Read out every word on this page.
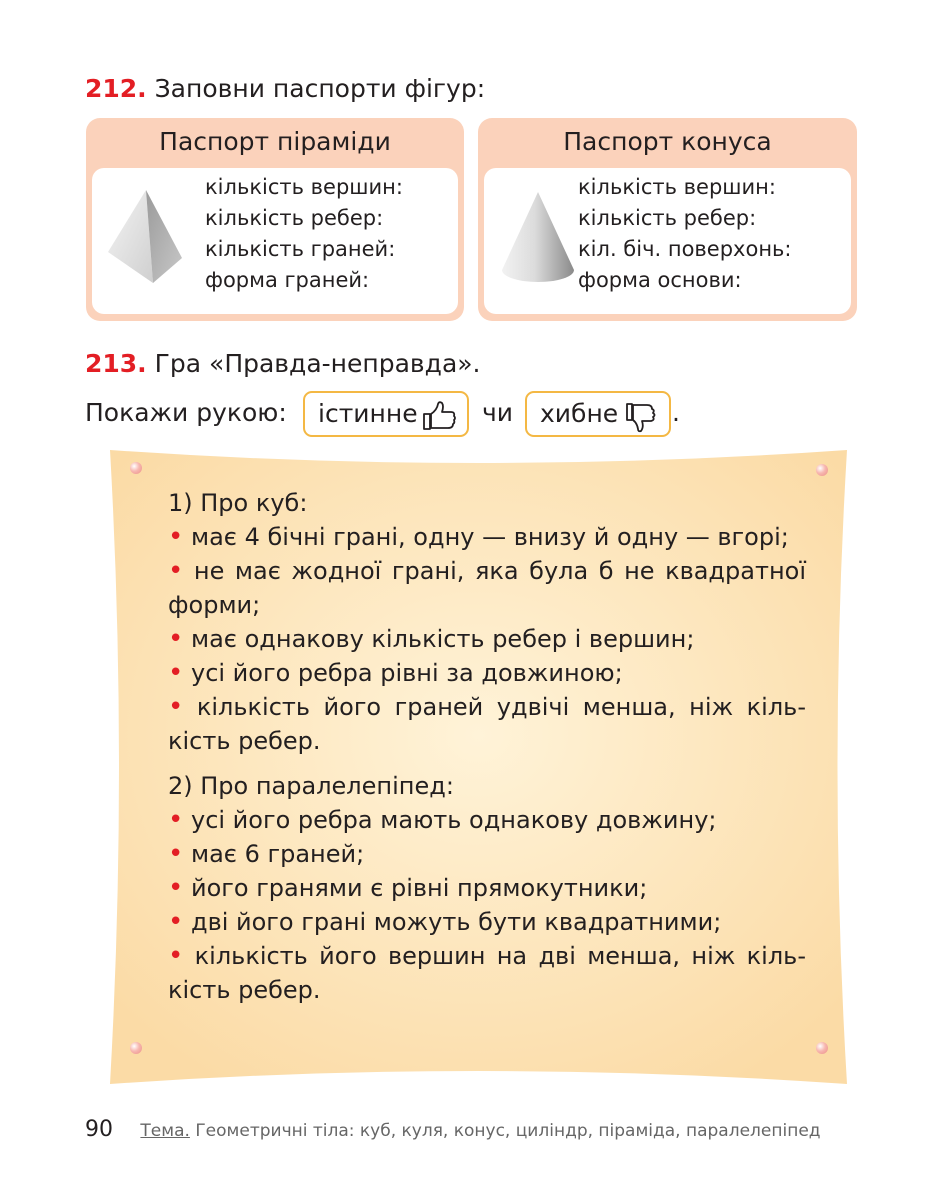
212. Заповни паспорти фігур:
Паспорт піраміди
кількість вершин:
кількість ребер:
кількість граней:
форма граней:
Паспорт конуса
кількість вершин:
кількість ребер:
кіл. біч. поверхонь:
форма основи:
213. Гра «Правда-неправда».
Покажи рукою:	істинне	чи	хибне	.
1) Про куб:
• має 4 бічні грані, одну — внизу й одну — вгорі;
• не має жодної грані, яка була б не квадратної форми;
• має однакову кількість ребер і вершин;
• усі його ребра рівні за довжиною;
• кількість його граней удвічі менша, ніж кіль-кість ребер.
2) Про паралелепіпед:
• усі його ребра мають однакову довжину;
• має 6 граней;
• його гранями є рівні прямокутники;
• дві його грані можуть бути квадратними;
• кількість його вершин на дві менша, ніж кіль-кість ребер.
90 Тема. Геометричні тіла: куб, куля, конус, циліндр, піраміда, паралелепіпед
